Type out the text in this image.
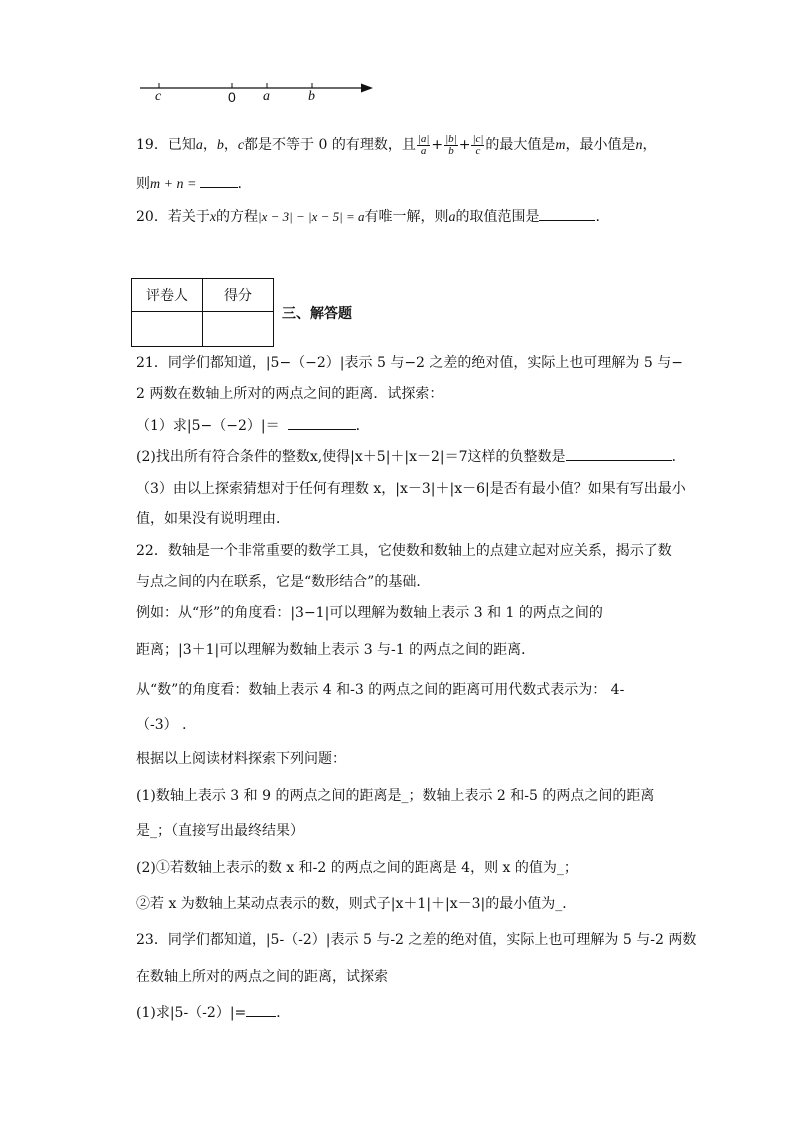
c	0 a	b
19．已知a，b，c都是不等于 0 的有理数，且 $\frac{|a|}{a} + \frac{|b|}{b} + \frac{|c|}{c}$ 的最大值是m，最小值是n，
则m + n =	.
20．若关于x的方程|x − 3| − |x − 5| = a有唯一解，则a的取值范围是	.
评卷人	得分

三、解答题
21．同学们都知道，|5−（−2）|表示 5 与−2 之差的绝对值，实际上也可理解为 5 与−
2 两数在数轴上所对的两点之间的距离．试探索：
（1）求|5−（−2）|＝	．
(2)找出所有符合条件的整数x,使得|x＋5|＋|x－2|＝7这样的负整数是	．
（3）由以上探索猜想对于任何有理数 x，|x－3|＋|x－6|是否有最小值？如果有写出最小
值，如果没有说明理由．
22．数轴是一个非常重要的数学工具，它使数和数轴上的点建立起对应关系，揭示了数
与点之间的内在联系，它是“数形结合”的基础．
例如：从“形”的角度看：|3−1|可以理解为数轴上表示 3 和 1 的两点之间的
距离；|3＋1|可以理解为数轴上表示 3 与-1 的两点之间的距离．
从“数”的角度看：数轴上表示 4 和-3 的两点之间的距离可用代数式表示为： 4-
（-3） ．
根据以上阅读材料探索下列问题：
(1)数轴上表示 3 和 9 的两点之间的距离是_；数轴上表示 2 和-5 的两点之间的距离
是_；（直接写出最终结果）
(2)①若数轴上表示的数 x 和-2 的两点之间的距离是 4，则 x 的值为_；
②若 x 为数轴上某动点表示的数，则式子|x＋1|＋|x－3|的最小值为_．
23．同学们都知道，|5-（-2）|表示 5 与-2 之差的绝对值，实际上也可理解为 5 与-2 两数
在数轴上所对的两点之间的距离，试探索
(1)求|5-（-2）|= ．
